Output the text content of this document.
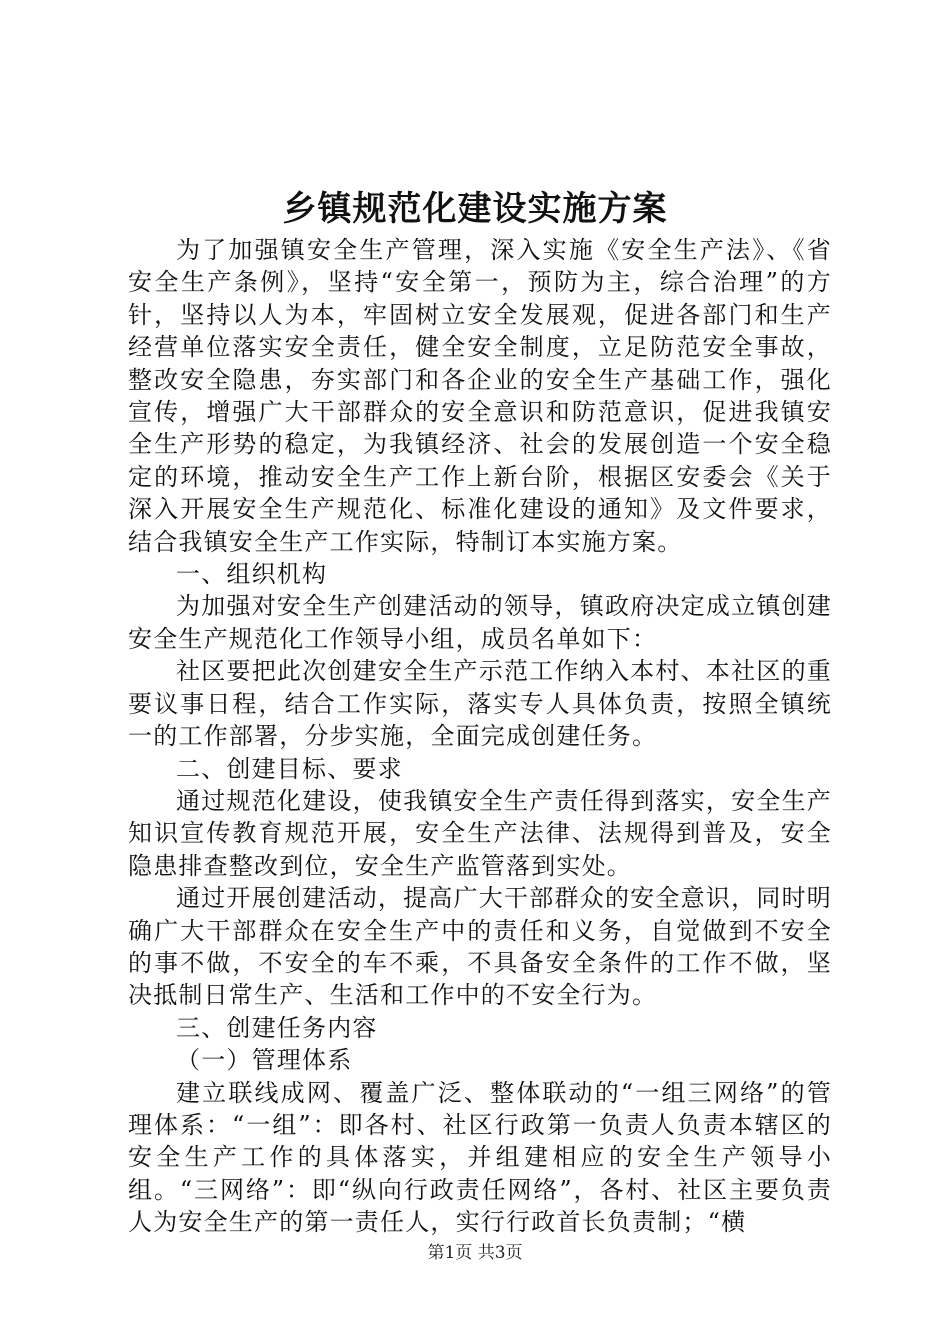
乡镇规范化建设实施方案

为了加强镇安全生产管理，深入实施《安全生产法》、《省安全生产条例》，坚持“安全第一，预防为主，综合治理”的方针，坚持以人为本，牢固树立安全发展观，促进各部门和生产经营单位落实安全责任，健全安全制度，立足防范安全事故，整改安全隐患，夯实部门和各企业的安全生产基础工作，强化宣传，增强广大干部群众的安全意识和防范意识，促进我镇安全生产形势的稳定，为我镇经济、社会的发展创造一个安全稳定的环境，推动安全生产工作上新台阶，根据区安委会《关于深入开展安全生产规范化、标准化建设的通知》及文件要求，结合我镇安全生产工作实际，特制订本实施方案。

一、组织机构

为加强对安全生产创建活动的领导，镇政府决定成立镇创建安全生产规范化工作领导小组，成员名单如下：

社区要把此次创建安全生产示范工作纳入本村、本社区的重要议事日程，结合工作实际，落实专人具体负责，按照全镇统一的工作部署，分步实施，全面完成创建任务。

二、创建目标、要求

通过规范化建设，使我镇安全生产责任得到落实，安全生产知识宣传教育规范开展，安全生产法律、法规得到普及，安全隐患排查整改到位，安全生产监管落到实处。

通过开展创建活动，提高广大干部群众的安全意识，同时明确广大干部群众在安全生产中的责任和义务，自觉做到不安全的事不做，不安全的车不乘，不具备安全条件的工作不做，坚决抵制日常生产、生活和工作中的不安全行为。

三、创建任务内容

（一）管理体系

建立联线成网、覆盖广泛、整体联动的“一组三网络”的管理体系：“一组”：即各村、社区行政第一负责人负责本辖区的安全生产工作的具体落实，并组建相应的安全生产领导小组。“三网络”：即“纵向行政责任网络”，各村、社区主要负责人为安全生产的第一责任人，实行行政首长负责制；“横

第1页 共3页
